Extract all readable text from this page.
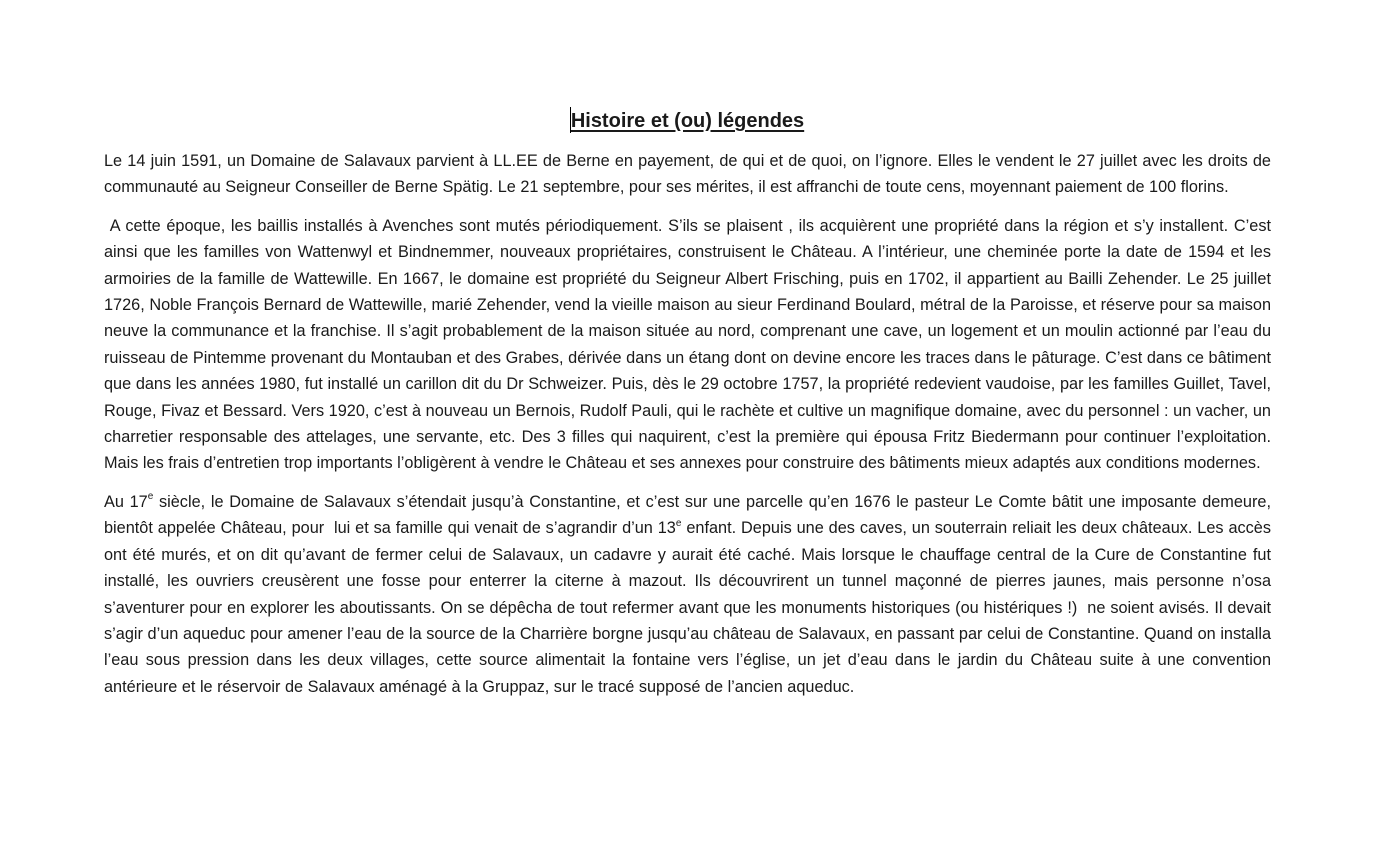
Histoire et (ou) légendes

Le 14 juin 1591, un Domaine de Salavaux parvient à LL.EE de Berne en payement, de qui et de quoi, on l’ignore. Elles le vendent le 27 juillet avec les droits de communauté au Seigneur Conseiller de Berne Spätig. Le 21 septembre, pour ses mérites, il est affranchi de toute cens, moyennant paiement de 100 florins.

A cette époque, les baillis installés à Avenches sont mutés périodiquement. S’ils se plaisent , ils acquièrent une propriété dans la région et s’y installent. C’est ainsi que les familles von Wattenwyl et Bindnemmer, nouveaux propriétaires, construisent le Château. A l’intérieur, une cheminée porte la date de 1594 et les armoiries de la famille de Wattewille. En 1667, le domaine est propriété du Seigneur Albert Frisching, puis en 1702, il appartient au Bailli Zehender. Le 25 juillet 1726, Noble François Bernard de Wattewille, marié Zehender, vend la vieille maison au sieur Ferdinand Boulard, métral de la Paroisse, et réserve pour sa maison neuve la communance et la franchise. Il s’agit probablement de la maison située au nord, comprenant une cave, un logement et un moulin actionné par l’eau du ruisseau de Pintemme provenant du Montauban et des Grabes, dérivée dans un étang dont on devine encore les traces dans le pâturage. C’est dans ce bâtiment que dans les années 1980, fut installé un carillon dit du Dr Schweizer. Puis, dès le 29 octobre 1757, la propriété redevient vaudoise, par les familles Guillet, Tavel, Rouge, Fivaz et Bessard. Vers 1920, c’est à nouveau un Bernois, Rudolf Pauli, qui le rachète et cultive un magnifique domaine, avec du personnel : un vacher, un charretier responsable des attelages, une servante, etc. Des 3 filles qui naquirent, c’est la première qui épousa Fritz Biedermann pour continuer l’exploitation. Mais les frais d’entretien trop importants l’obligèrent à vendre le Château et ses annexes pour construire des bâtiments mieux adaptés aux conditions modernes.

Au 17e siècle, le Domaine de Salavaux s’étendait jusqu’à Constantine, et c’est sur une parcelle qu’en 1676 le pasteur Le Comte bâtit une imposante demeure, bientôt appelée Château, pour  lui et sa famille qui venait de s’agrandir d’un 13e enfant. Depuis une des caves, un souterrain reliait les deux châteaux. Les accès ont été murés, et on dit qu’avant de fermer celui de Salavaux, un cadavre y aurait été caché. Mais lorsque le chauffage central de la Cure de Constantine fut installé, les ouvriers creusèrent une fosse pour enterrer la citerne à mazout. Ils découvrirent un tunnel maçonné de pierres jaunes, mais personne n’osa s’aventurer pour en explorer les aboutissants. On se dépêcha de tout refermer avant que les monuments historiques (ou histériques !)  ne soient avisés. Il devait s’agir d’un aqueduc pour amener l’eau de la source de la Charrière borgne jusqu’au château de Salavaux, en passant par celui de Constantine. Quand on installa l’eau sous pression dans les deux villages, cette source alimentait la fontaine vers l’église, un jet d’eau dans le jardin du Château suite à une convention antérieure et le réservoir de Salavaux aménagé à la Gruppaz, sur le tracé supposé de l’ancien aqueduc.
